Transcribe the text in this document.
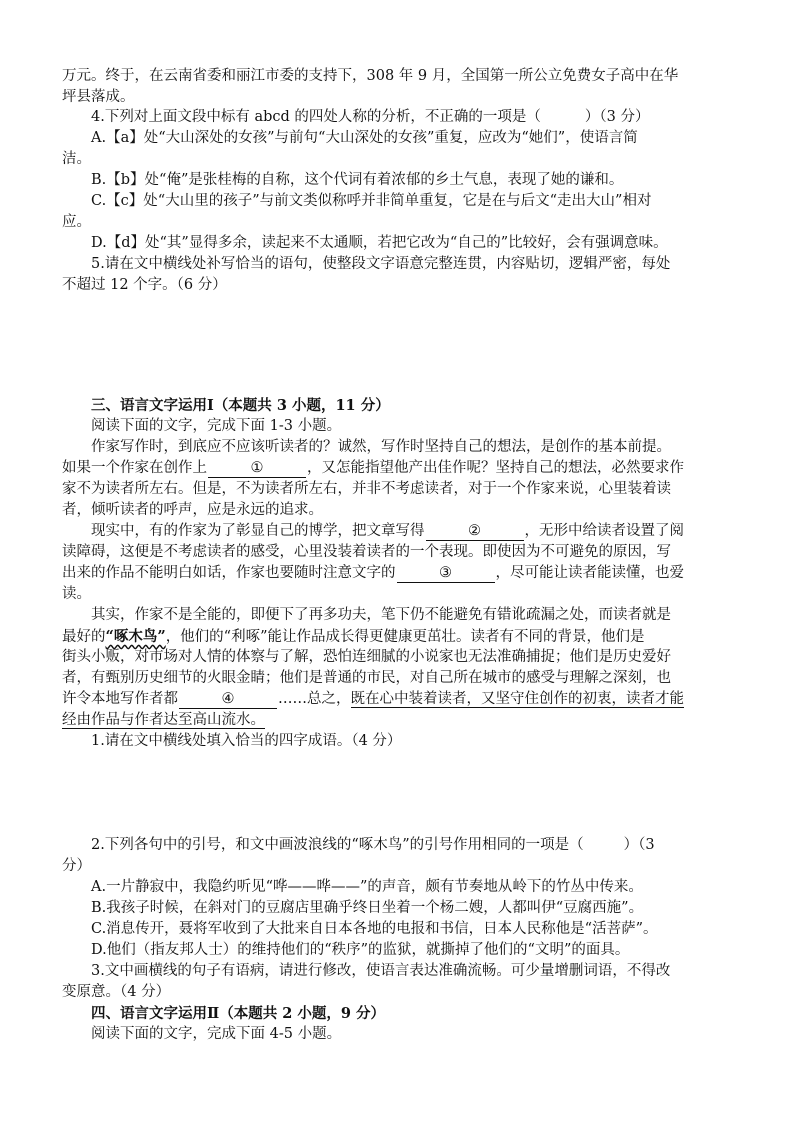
万元。终于，在云南省委和丽江市委的支持下，308 年 9 月，全国第一所公立免费女子高中在华
坪县落成。
4.下列对上面文段中标有 abcd 的四处人称的分析，不正确的一项是（	）（3 分）
A.【a】处“大山深处的女孩”与前句“大山深处的女孩”重复，应改为“她们”，使语言简
洁。
B.【b】处“俺”是张桂梅的自称，这个代词有着浓郁的乡土气息，表现了她的谦和。
C.【c】处“大山里的孩子”与前文类似称呼并非简单重复，它是在与后文“走出大山”相对
应。
D.【d】处“其”显得多余，读起来不太通顺，若把它改为“自己的”比较好，会有强调意味。
5.请在文中横线处补写恰当的语句，使整段文字语意完整连贯，内容贴切，逻辑严密，每处
不超过 12 个字。（6 分）
三、语言文字运用Ⅰ（本题共 3 小题，11 分）
阅读下面的文字，完成下面 1-3 小题。
作家写作时，到底应不应该听读者的？诚然，写作时坚持自己的想法，是创作的基本前提。
如果一个作家在创作上	①	，又怎能指望他产出佳作呢？坚持自己的想法，必然要求作
家不为读者所左右。但是，不为读者所左右，并非不考虑读者，对于一个作家来说，心里装着读
者，倾听读者的呼声，应是永远的追求。
现实中，有的作家为了彰显自己的博学，把文章写得	②	，无形中给读者设置了阅
读障碍，这便是不考虑读者的感受，心里没装着读者的一个表现。即使因为不可避免的原因，写
出来的作品不能明白如话，作家也要随时注意文字的	③	，尽可能让读者能读懂，也爱
读。
其实，作家不是全能的，即便下了再多功夫，笔下仍不能避免有错讹疏漏之处，而读者就是
最好的“啄木鸟”，他们的“利啄”能让作品成长得更健康更茁壮。读者有不同的背景，他们是
街头小贩，对市场对人情的体察与了解，恐怕连细腻的小说家也无法准确捕捉；他们是历史爱好
者，有甄别历史细节的火眼金睛；他们是普通的市民，对自己所在城市的感受与理解之深刻，也
许令本地写作者都	④	……总之，既在心中装着读者，又坚守住创作的初衷，读者才能
经由作品与作者达至高山流水。
1.请在文中横线处填入恰当的四字成语。（4 分）
2.下列各句中的引号，和文中画波浪线的“啄木鸟”的引号作用相同的一项是（	）（3
分）
A.一片静寂中，我隐约听见“哗——哗——”的声音，颇有节奏地从岭下的竹丛中传来。
B.我孩子时候，在斜对门的豆腐店里确乎终日坐着一个杨二嫂，人都叫伊“豆腐西施”。
C.消息传开，聂将军收到了大批来自日本各地的电报和书信，日本人民称他是“活菩萨”。
D.他们（指友邦人士）的维持他们的“秩序”的监狱，就撕掉了他们的“文明”的面具。
3.文中画横线的句子有语病，请进行修改，使语言表达准确流畅。可少量增删词语，不得改
变原意。（4 分）
四、语言文字运用Ⅱ（本题共 2 小题，9 分）
阅读下面的文字，完成下面 4-5 小题。
